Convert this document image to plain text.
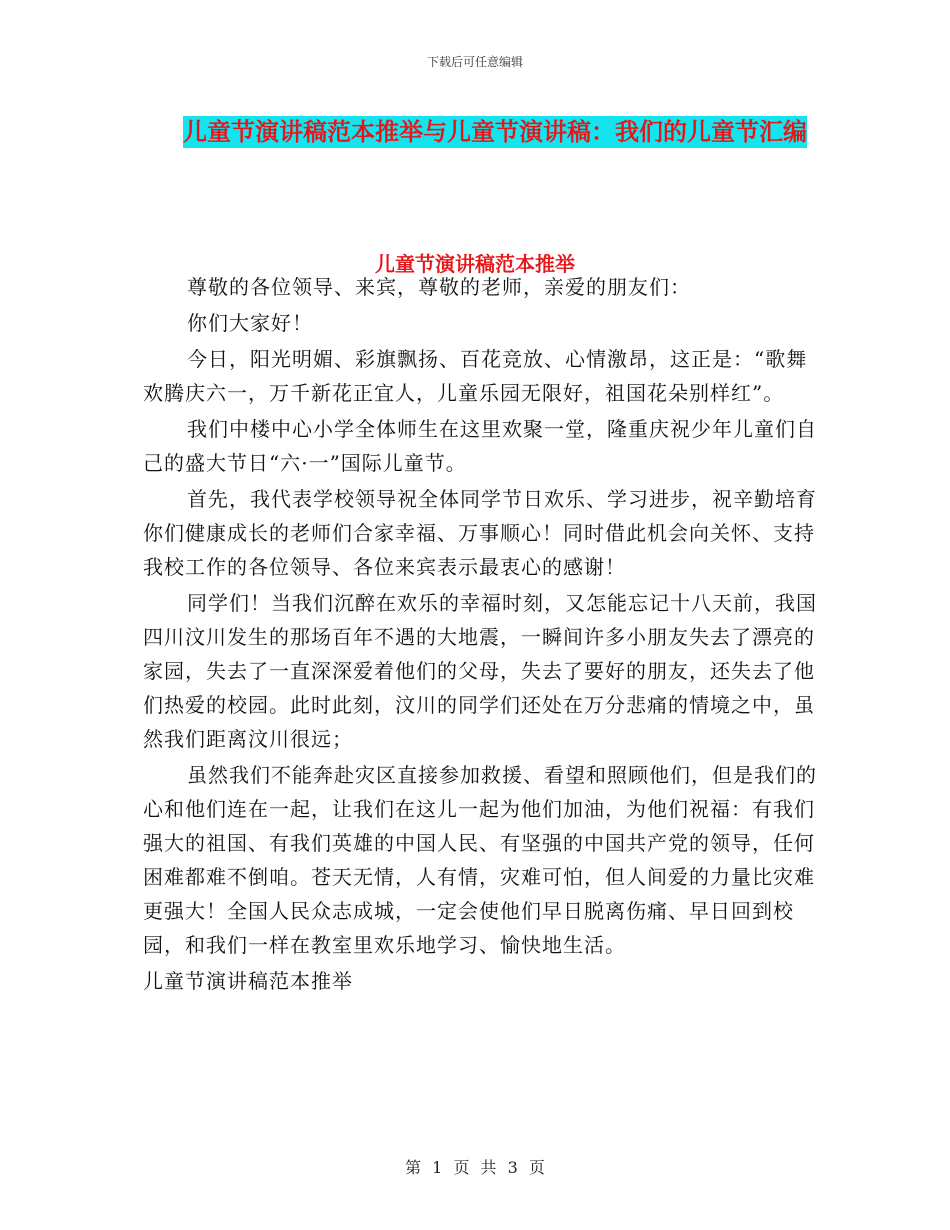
下载后可任意编辑
儿童节演讲稿范本推举与儿童节演讲稿：我们的儿童节汇编
儿童节演讲稿范本推举

尊敬的各位领导、来宾，尊敬的老师，亲爱的朋友们：

你们大家好！

今日，阳光明媚、彩旗飘扬、百花竞放、心情激昂，这正是：“歌舞欢腾庆六一，万千新花正宜人，儿童乐园无限好，祖国花朵别样红”。

我们中楼中心小学全体师生在这里欢聚一堂，隆重庆祝少年儿童们自己的盛大节日“六·一”国际儿童节。

首先，我代表学校领导祝全体同学节日欢乐、学习进步，祝辛勤培育你们健康成长的老师们合家幸福、万事顺心！同时借此机会向关怀、支持我校工作的各位领导、各位来宾表示最衷心的感谢！

同学们！当我们沉醉在欢乐的幸福时刻，又怎能忘记十八天前，我国四川汶川发生的那场百年不遇的大地震，一瞬间许多小朋友失去了漂亮的家园，失去了一直深深爱着他们的父母，失去了要好的朋友，还失去了他们热爱的校园。此时此刻，汶川的同学们还处在万分悲痛的情境之中，虽然我们距离汶川很远；

虽然我们不能奔赴灾区直接参加救援、看望和照顾他们，但是我们的心和他们连在一起，让我们在这儿一起为他们加油，为他们祝福：有我们强大的祖国、有我们英雄的中国人民、有坚强的中国共产党的领导，任何困难都难不倒咱。苍天无情，人有情，灾难可怕，但人间爱的力量比灾难更强大！全国人民众志成城，一定会使他们早日脱离伤痛、早日回到校园，和我们一样在教室里欢乐地学习、愉快地生活。

儿童节演讲稿范本推举

第 1 页 共 3 页
